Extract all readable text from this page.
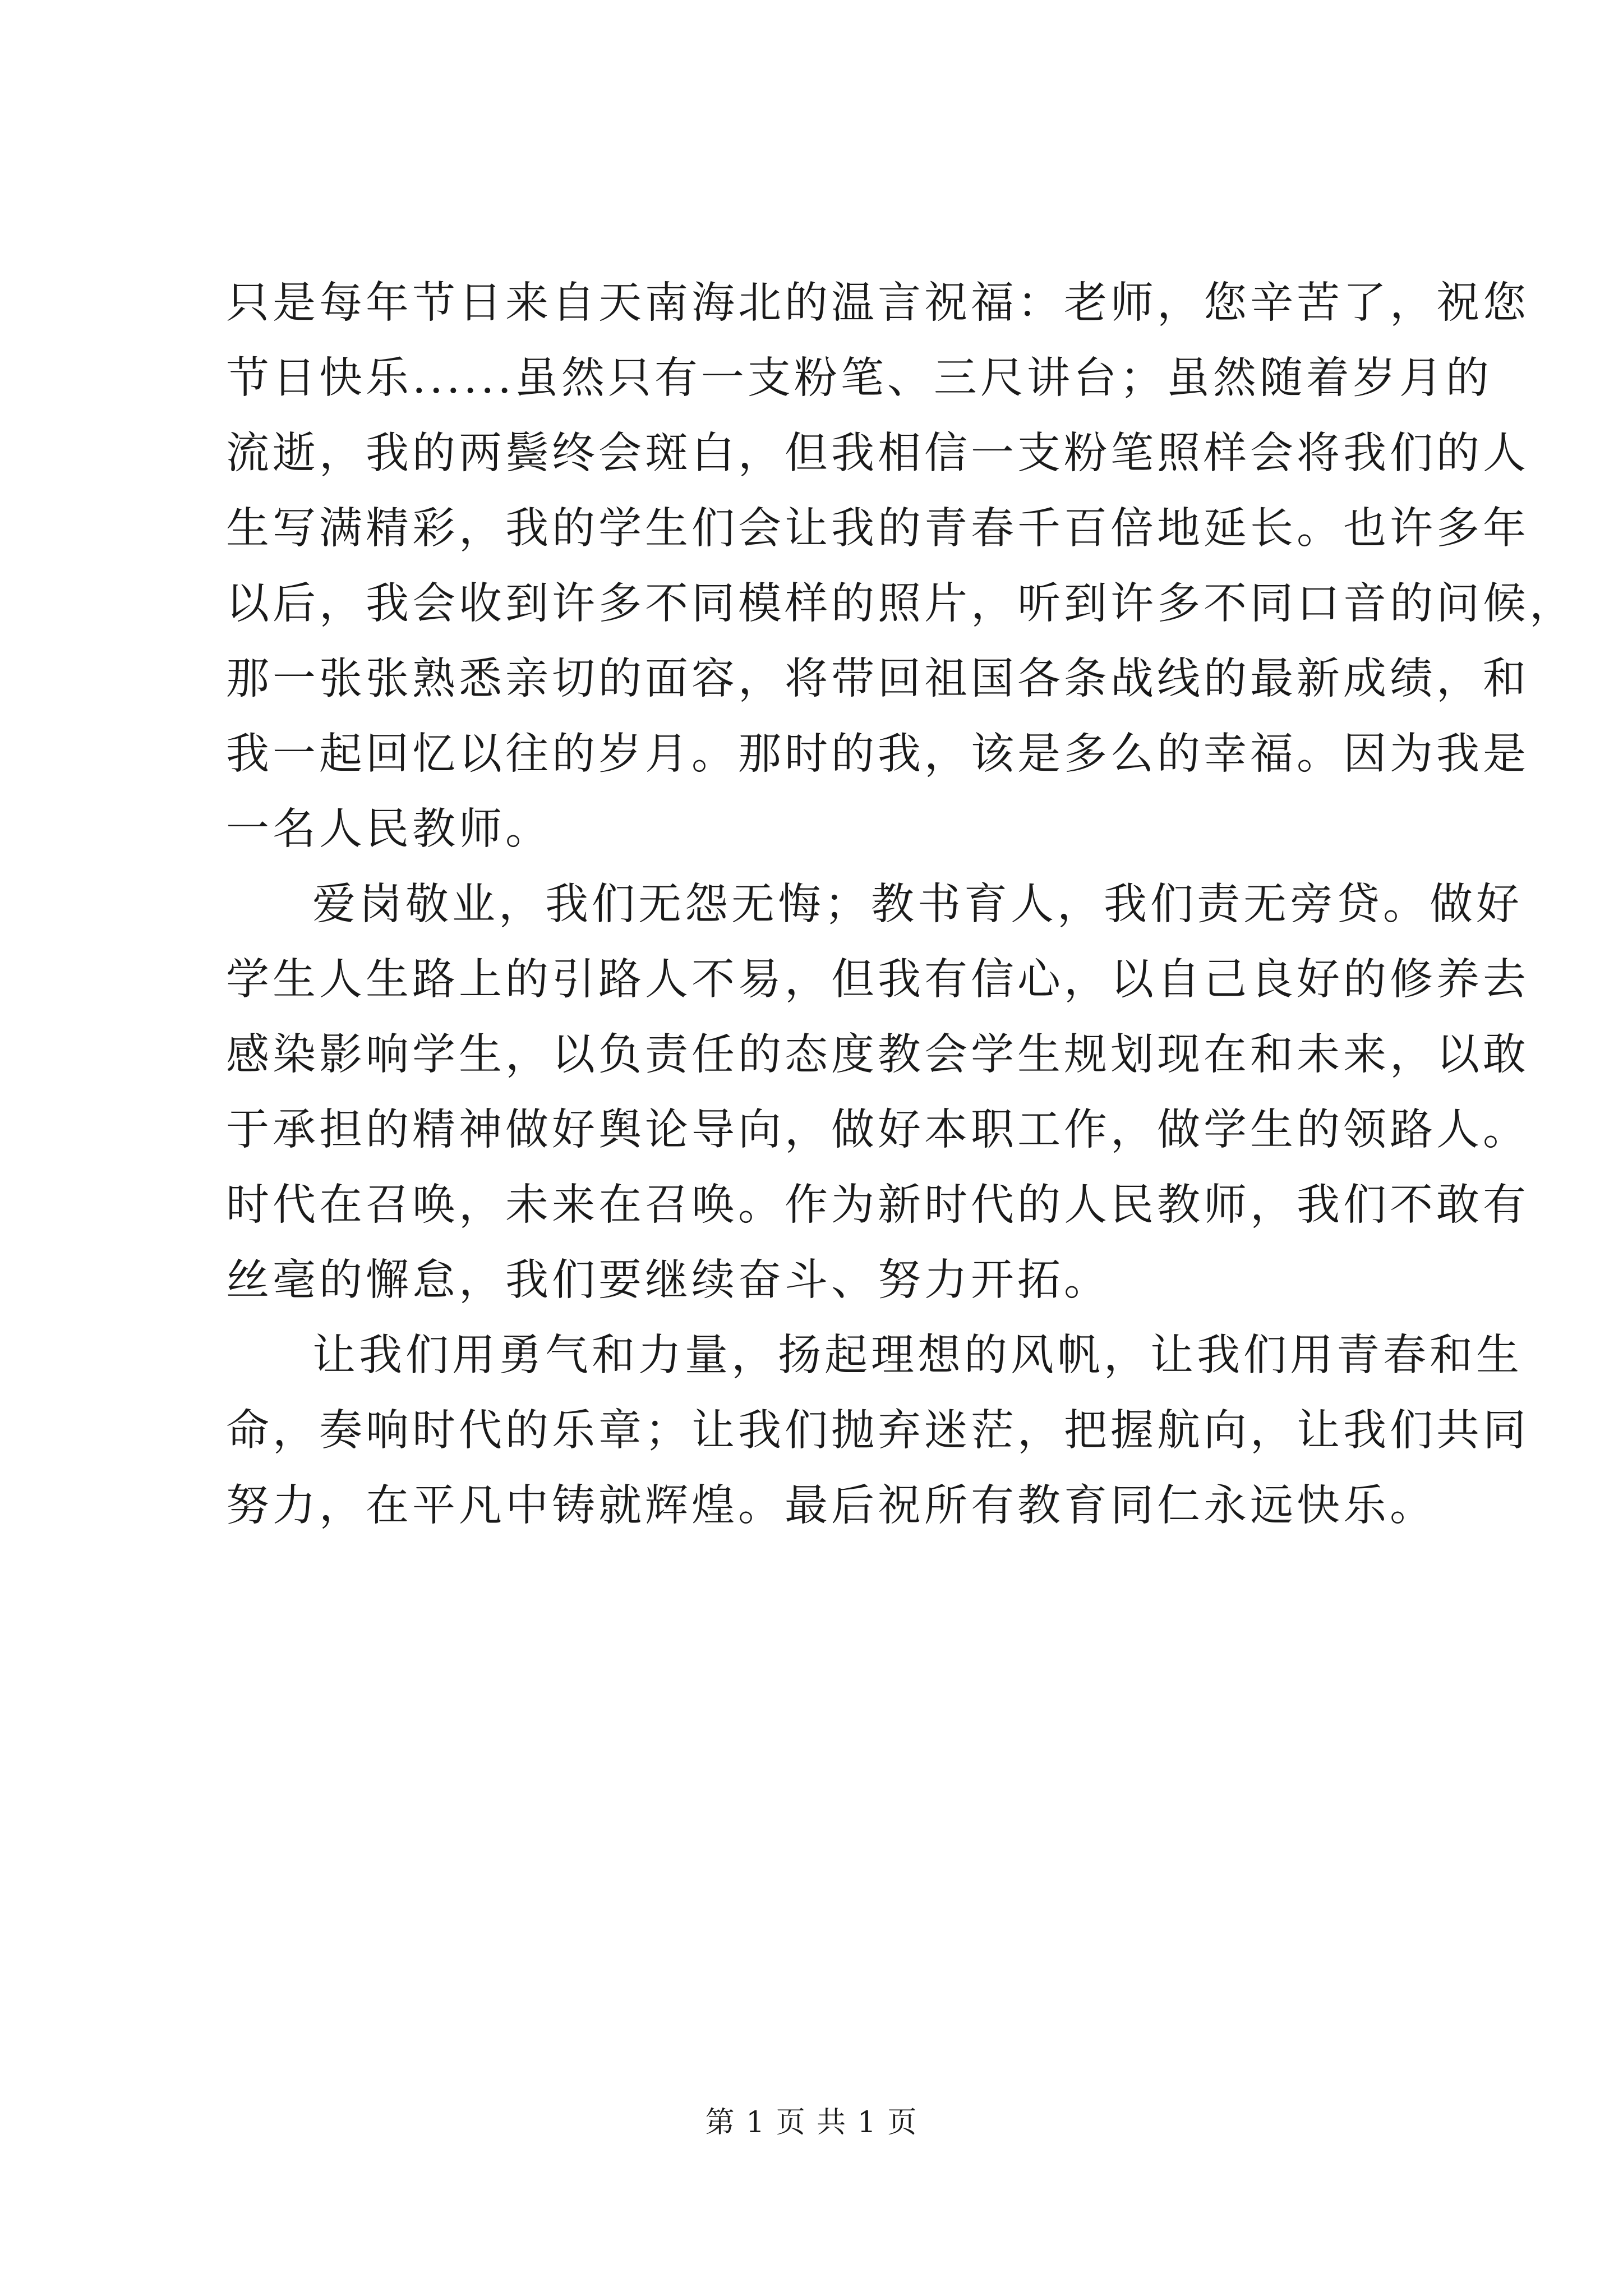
只是每年节日来自天南海北的温言祝福：老师，您辛苦了，祝您
节日快乐......虽然只有一支粉笔、三尺讲台；虽然随着岁月的
流逝，我的两鬓终会斑白，但我相信一支粉笔照样会将我们的人
生写满精彩，我的学生们会让我的青春千百倍地延长。也许多年
以后，我会收到许多不同模样的照片，听到许多不同口音的问候，
那一张张熟悉亲切的面容，将带回祖国各条战线的最新成绩，和
我一起回忆以往的岁月。那时的我，该是多么的幸福。因为我是
一名人民教师。
爱岗敬业，我们无怨无悔；教书育人，我们责无旁贷。做好
学生人生路上的引路人不易，但我有信心，以自己良好的修养去
感染影响学生，以负责任的态度教会学生规划现在和未来，以敢
于承担的精神做好舆论导向，做好本职工作，做学生的领路人。
时代在召唤，未来在召唤。作为新时代的人民教师，我们不敢有
丝毫的懈怠，我们要继续奋斗、努力开拓。
让我们用勇气和力量，扬起理想的风帆，让我们用青春和生
命，奏响时代的乐章；让我们抛弃迷茫，把握航向，让我们共同
努力，在平凡中铸就辉煌。最后祝所有教育同仁永远快乐。
第 1 页 共 1 页
